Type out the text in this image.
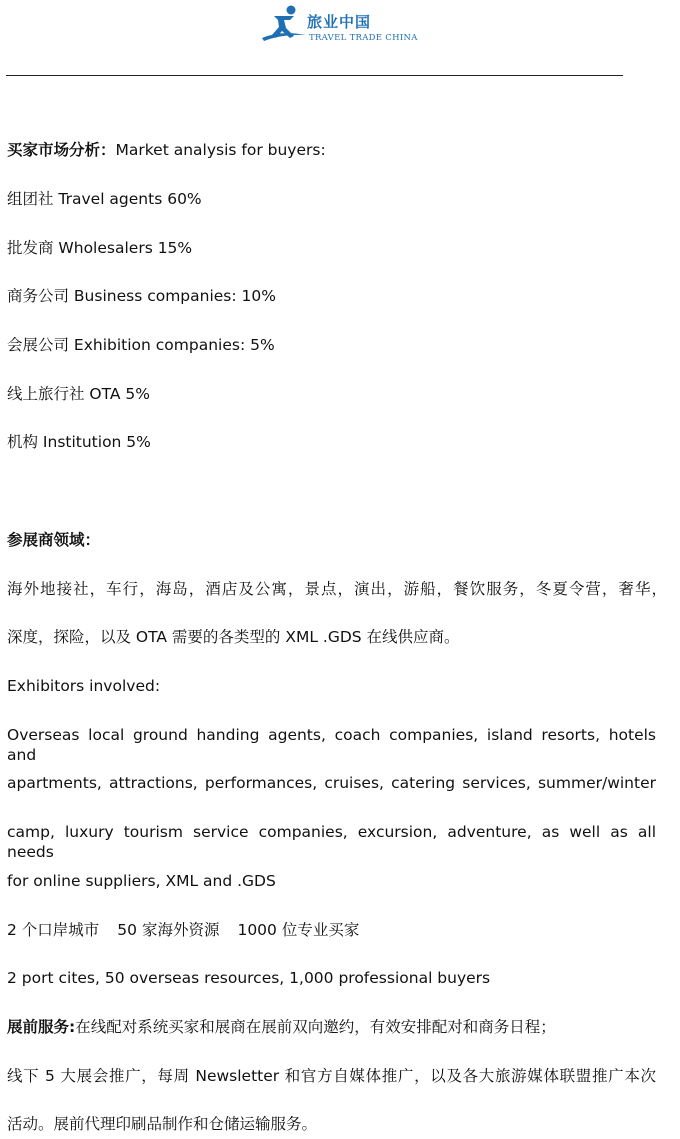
旅业中国
TRAVEL TRADE CHINA
买家市场分析：Market analysis for buyers:
组团社 Travel agents 60%
批发商 Wholesalers 15%
商务公司 Business companies: 10%
会展公司 Exhibition companies: 5%
线上旅行社 OTA 5%
机构 Institution 5%
参展商领域：
海外地接社，车行，海岛，酒店及公寓，景点，演出，游船，餐饮服务，冬夏令营，奢华，
深度，探险，以及 OTA 需要的各类型的 XML .GDS 在线供应商。
Exhibitors involved:
Overseas local ground handing agents, coach companies, island resorts, hotels and
apartments, attractions, performances, cruises, catering services, summer/winter
camp, luxury tourism service companies, excursion, adventure, as well as all needs
for online suppliers, XML and .GDS
2 个口岸城市 50 家海外资源 1000 位专业买家
2 port cites, 50 overseas resources, 1,000 professional buyers
展前服务:在线配对系统买家和展商在展前双向邀约，有效安排配对和商务日程；
线下 5 大展会推广，每周 Newsletter 和官方自媒体推广，以及各大旅游媒体联盟推广本次
活动。展前代理印刷品制作和仓储运输服务。
